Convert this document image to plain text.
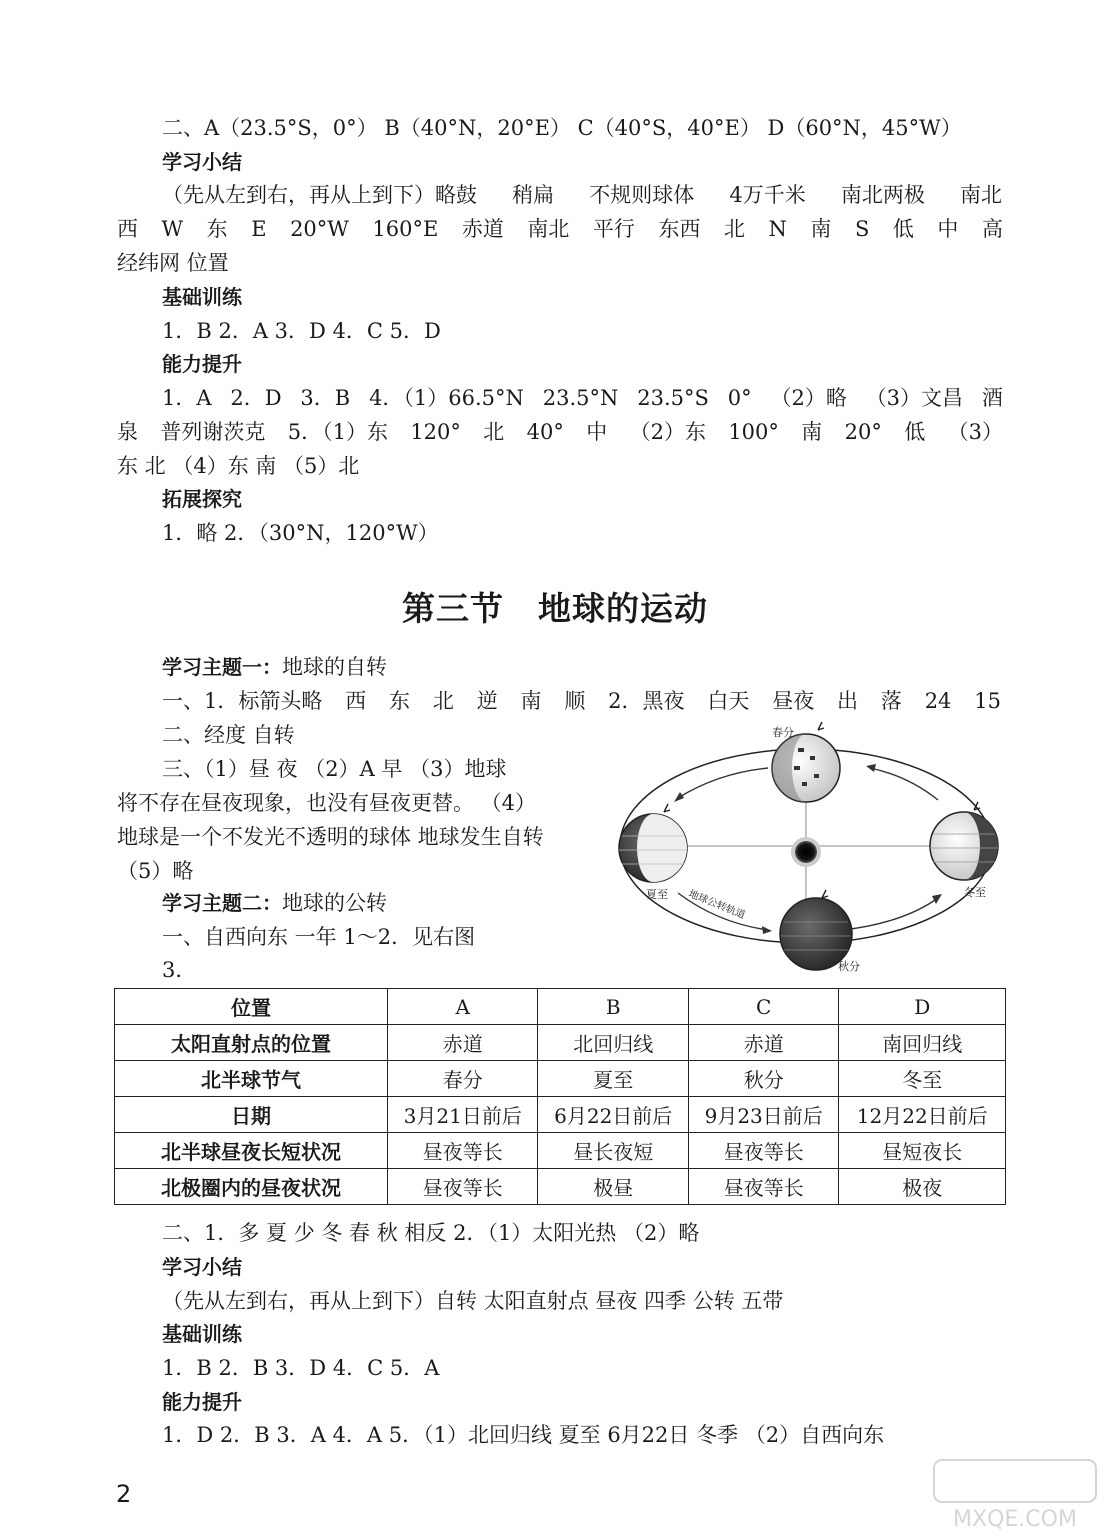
二、A（23.5°S，0°） B（40°N，20°E） C（40°S，40°E） D（60°N，45°W）
学习小结
（先从左到右，再从上到下）略鼓 稍扁 不规则球体 4万千米 南北两极 南北
西 W 东 E 20°W 160°E 赤道 南北 平行 东西 北 N 南 S 低 中 高
经纬网 位置
基础训练
1．B 2．A 3．D 4．C 5．D
能力提升
1．A 2．D 3．B 4．（1）66.5°N 23.5°N 23.5°S 0° （2）略 （3）文昌 酒
泉 普列谢茨克 5．（1）东 120° 北 40° 中 （2）东 100° 南 20° 低 （3）
东 北 （4）东 南 （5）北
拓展探究
1．略 2．（30°N，120°W）
第三节　地球的运动
学习主题一：地球的自转
一、1．标箭头略 西 东 北 逆 南 顺 2．黑夜 白天 昼夜 出 落 24 15
二、经度 自转
三、（1）昼 夜 （2）A 早 （3）地球
将不存在昼夜现象，也没有昼夜更替。 （4）
地球是一个不发光不透明的球体 地球发生自转
（5）略
学习主题二：地球的公转
一、自西向东 一年 1～2．见右图
3．
春分
夏至	冬至
秋分
地球公转轨道
位置	A	B	C	D
太阳直射点的位置	赤道	北回归线	赤道	南回归线
北半球节气	春分	夏至	秋分	冬至
日期	3月21日前后	6月22日前后	9月23日前后	12月22日前后
北半球昼夜长短状况	昼夜等长	昼长夜短	昼夜等长	昼短夜长
北极圈内的昼夜状况	昼夜等长	极昼	昼夜等长	极夜
二、1．多 夏 少 冬 春 秋 相反 2．（1）太阳光热 （2）略
学习小结
（先从左到右，再从上到下）自转 太阳直射点 昼夜 四季 公转 五带
基础训练
1．B 2．B 3．D 4．C 5．A
能力提升
1．D 2．B 3．A 4．A 5．（1）北回归线 夏至 6月22日 冬季 （2）自西向东
2
MXQE.COM
